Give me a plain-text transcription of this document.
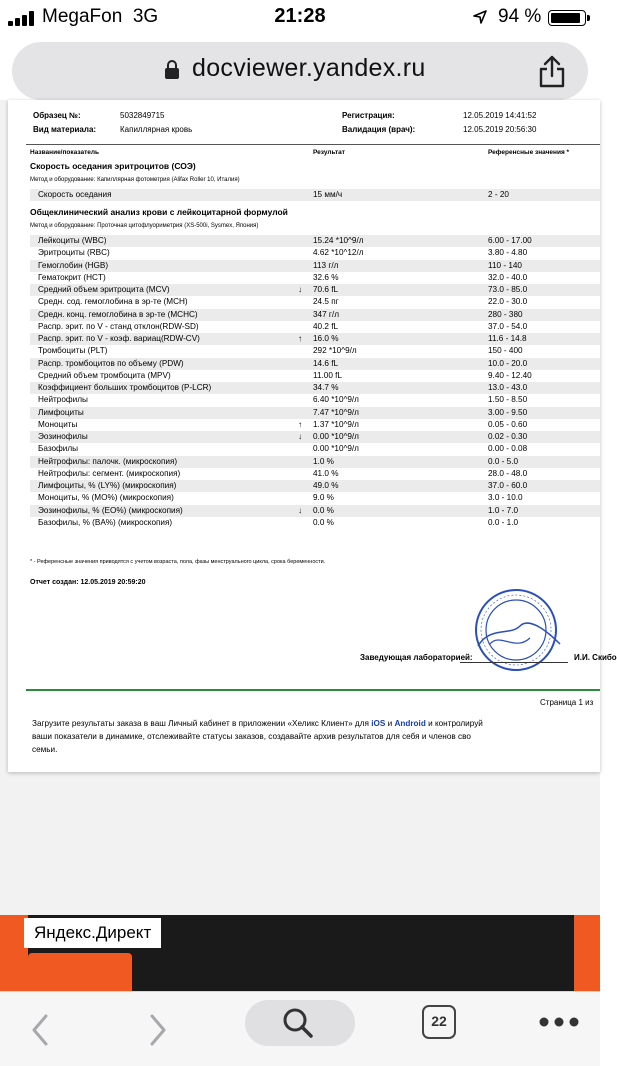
MegaFon 3G	21:28	94 %
docviewer.yandex.ru
Образец №:	5032849715
Вид материала:	Капиллярная кровь
Регистрация:	12.05.2019 14:41:52
Валидация (врач):	12.05.2019 20:56:30
Название/показатель	Результат	Референсные значения *
Скорость оседания эритроцитов (СОЭ)
Метод и оборудование: Капиллярная фотометрия (Alifax Roller 10, Италия)
Скорость оседания	15 мм/ч	2 - 20
Общеклинический анализ крови с лейкоцитарной формулой
Метод и оборудование: Проточная цитофлуориметрия (XS-500i, Sysmex, Япония)
Лейкоциты (WBC)	15.24 *10^9/л	6.00 - 17.00
Эритроциты (RBC)	4.62 *10^12/л	3.80 - 4.80
Гемоглобин (HGB)	113 г/л	110 - 140
Гематокрит (HCT)	32.6 %	32.0 - 40.0
Средний объем эритроцита (MCV)	↓ 70.6 fL	73.0 - 85.0
Средн. сод. гемоглобина в эр-те (MCH)	24.5 пг	22.0 - 30.0
Средн. конц. гемоглобина в эр-те (MCHC)	347 г/л	280 - 380
Распр. эрит. по V - станд отклон(RDW-SD)	40.2 fL	37.0 - 54.0
Распр. эрит. по V - коэф. вариац(RDW-CV)	↑ 16.0 %	11.6 - 14.8
Тромбоциты (PLT)	292 *10^9/л	150 - 400
Распр. тромбоцитов по объему (PDW)	14.6 fL	10.0 - 20.0
Средний объем тромбоцита (MPV)	11.00 fL	9.40 - 12.40
Коэффициент больших тромбоцитов (P-LCR)	34.7 %	13.0 - 43.0
Нейтрофилы	6.40 *10^9/л	1.50 - 8.50
Лимфоциты	7.47 *10^9/л	3.00 - 9.50
Моноциты	↑ 1.37 *10^9/л	0.05 - 0.60
Эозинофилы	↓ 0.00 *10^9/л	0.02 - 0.30
Базофилы	0.00 *10^9/л	0.00 - 0.08
Нейтрофилы: палочк. (микроскопия)	1.0 %	0.0 - 5.0
Нейтрофилы: сегмент. (микроскопия)	41.0 %	28.0 - 48.0
Лимфоциты, % (LY%) (микроскопия)	49.0 %	37.0 - 60.0
Моноциты, % (MO%) (микроскопия)	9.0 %	3.0 - 10.0
Эозинофилы, % (EO%) (микроскопия)	↓ 0.0 %	1.0 - 7.0
Базофилы, % (BA%) (микроскопия)	0.0 %	0.0 - 1.0
* - Референсные значения приводятся с учетом возраста, пола, фазы менструального цикла, срока беременности.
Отчет создан: 12.05.2019 20:59:20
Заведующая лабораторией:	И.И. Скибо
Страница 1 из
Загрузите результаты заказа в ваш Личный кабинет в приложении «Хеликс Клиент» для iOS и Android и контролируй
ваши показатели в динамике, отслеживайте статусы заказов, создавайте архив результатов для себя и членов сво
семьи.
Яндекс.Директ
22
